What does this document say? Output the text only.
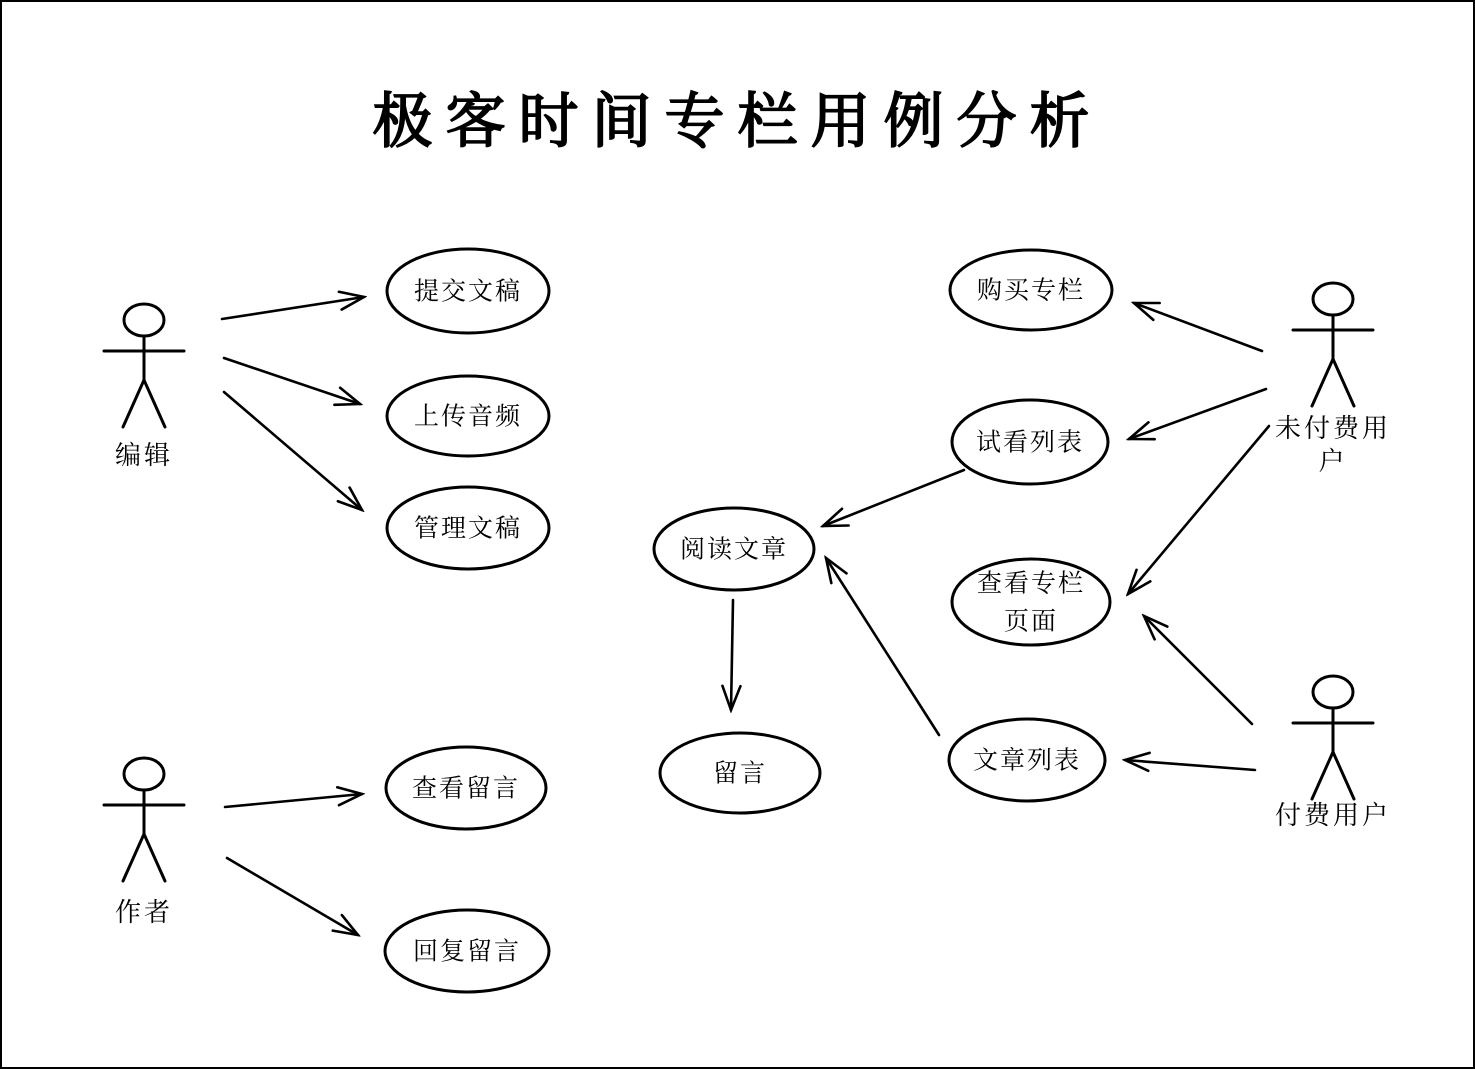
极客时间专栏用例分析
提交文稿
上传音频
管理文稿
查看留言
回复留言
阅读文章
留言
购买专栏
试看列表
查看专栏
页面
文章列表
编辑
作者
未付费用
户
付费用户
